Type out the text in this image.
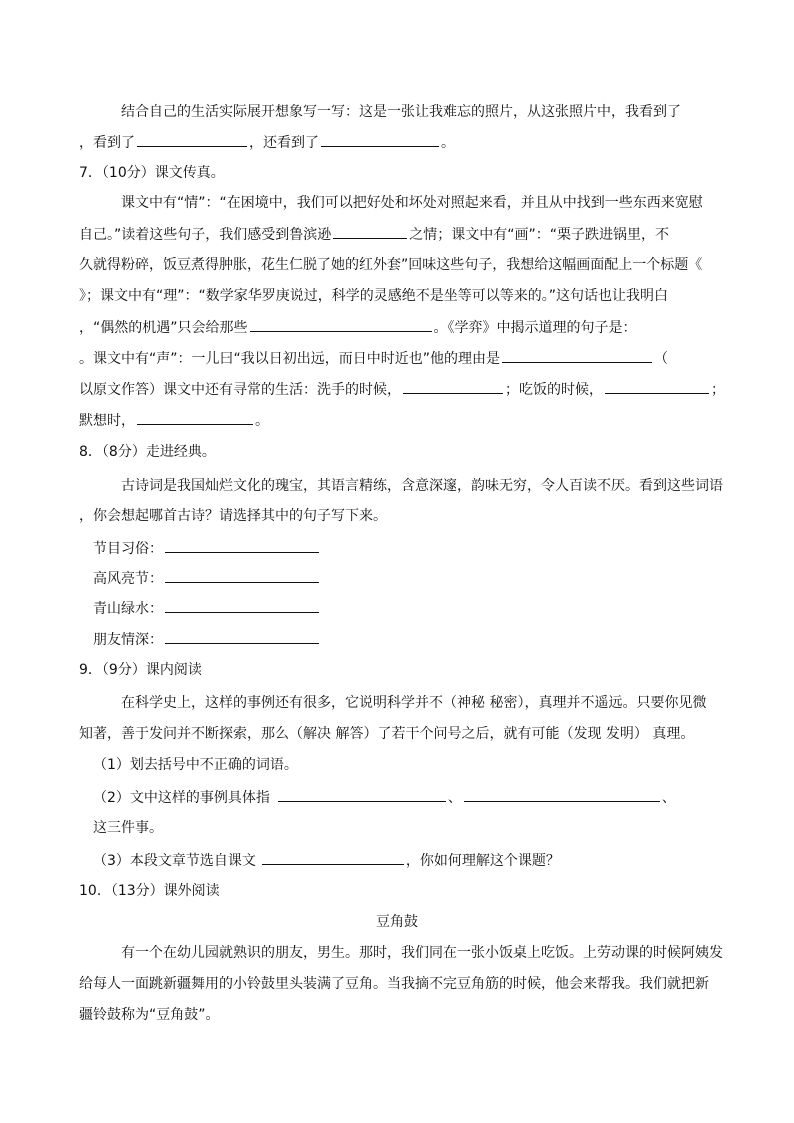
结合自己的生活实际展开想象写一写：这是一张让我难忘的照片，从这张照片中，我看到了
，看到了	，还看到了	。
7．（10分）课文传真。
课文中有“情”：“在困境中，我们可以把好处和坏处对照起来看，并且从中找到一些东西来宽慰
自己。”读着这些句子，我们感受到鲁滨逊	之情；课文中有“画”：“栗子跌进锅里，不
久就得粉碎，饭豆煮得肿胀，花生仁脱了她的红外套”回味这些句子，我想给这幅画面配上一个标题《
》；课文中有“理”：“数学家华罗庚说过，科学的灵感绝不是坐等可以等来的。”这句话也让我明白
，“偶然的机遇”只会给那些	。《学弈》中揭示道理的句子是：
。课文中有“声”：一儿曰“我以日初出远，而日中时近也”他的理由是	（
以原文作答）课文中还有寻常的生活：洗手的时候，	；吃饭的时候，	；
默想时，	。
8．（8分）走进经典。
古诗词是我国灿烂文化的瑰宝，其语言精练，含意深邃，韵味无穷，令人百读不厌。看到这些词语
，你会想起哪首古诗？请选择其中的句子写下来。
节目习俗：
高风亮节：
青山绿水：
朋友情深：
9．（9分）课内阅读
在科学史上，这样的事例还有很多，它说明科学并不（神秘 秘密），真理并不遥远。只要你见微
知著，善于发问并不断探索，那么（解决 解答）了若干个问号之后，就有可能（发现 发明） 真理。
（1）划去括号中不正确的词语。
（2）文中这样的事例具体指	、	、
这三件事。
（3）本段文章节选自课文	，你如何理解这个课题？
10．（13分）课外阅读
豆角鼓
有一个在幼儿园就熟识的朋友，男生。那时，我们同在一张小饭桌上吃饭。上劳动课的时候阿姨发
给每人一面跳新疆舞用的小铃鼓里头装满了豆角。当我摘不完豆角筋的时候，他会来帮我。我们就把新
疆铃鼓称为“豆角鼓”。
